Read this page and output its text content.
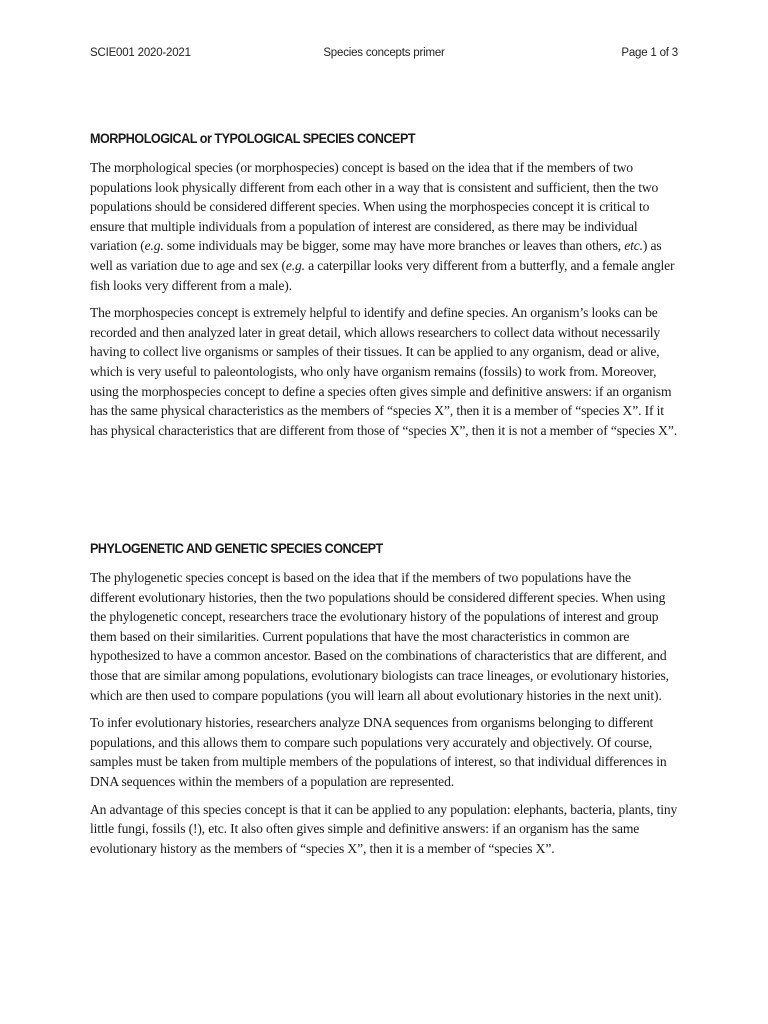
SCIE001 2020-2021	Species concepts primer	Page 1 of 3
MORPHOLOGICAL or TYPOLOGICAL SPECIES CONCEPT

The morphological species (or morphospecies) concept is based on the idea that if the members of two populations look physically different from each other in a way that is consistent and sufficient, then the two populations should be considered different species. When using the morphospecies concept it is critical to ensure that multiple individuals from a population of interest are considered, as there may be individual variation (e.g. some individuals may be bigger, some may have more branches or leaves than others, etc.) as well as variation due to age and sex (e.g. a caterpillar looks very different from a butterfly, and a female angler fish looks very different from a male).

The morphospecies concept is extremely helpful to identify and define species. An organism’s looks can be recorded and then analyzed later in great detail, which allows researchers to collect data without necessarily having to collect live organisms or samples of their tissues. It can be applied to any organism, dead or alive, which is very useful to paleontologists, who only have organism remains (fossils) to work from. Moreover, using the morphospecies concept to define a species often gives simple and definitive answers: if an organism has the same physical characteristics as the members of “species X”, then it is a member of “species X”. If it has physical characteristics that are different from those of “species X”, then it is not a member of “species X”.

PHYLOGENETIC AND GENETIC SPECIES CONCEPT

The phylogenetic species concept is based on the idea that if the members of two populations have the different evolutionary histories, then the two populations should be considered different species. When using the phylogenetic concept, researchers trace the evolutionary history of the populations of interest and group them based on their similarities. Current populations that have the most characteristics in common are hypothesized to have a common ancestor. Based on the combinations of characteristics that are different, and those that are similar among populations, evolutionary biologists can trace lineages, or evolutionary histories, which are then used to compare populations (you will learn all about evolutionary histories in the next unit).

To infer evolutionary histories, researchers analyze DNA sequences from organisms belonging to different populations, and this allows them to compare such populations very accurately and objectively. Of course, samples must be taken from multiple members of the populations of interest, so that individual differences in DNA sequences within the members of a population are represented.

An advantage of this species concept is that it can be applied to any population: elephants, bacteria, plants, tiny little fungi, fossils (!), etc. It also often gives simple and definitive answers: if an organism has the same evolutionary history as the members of “species X”, then it is a member of “species X”.
